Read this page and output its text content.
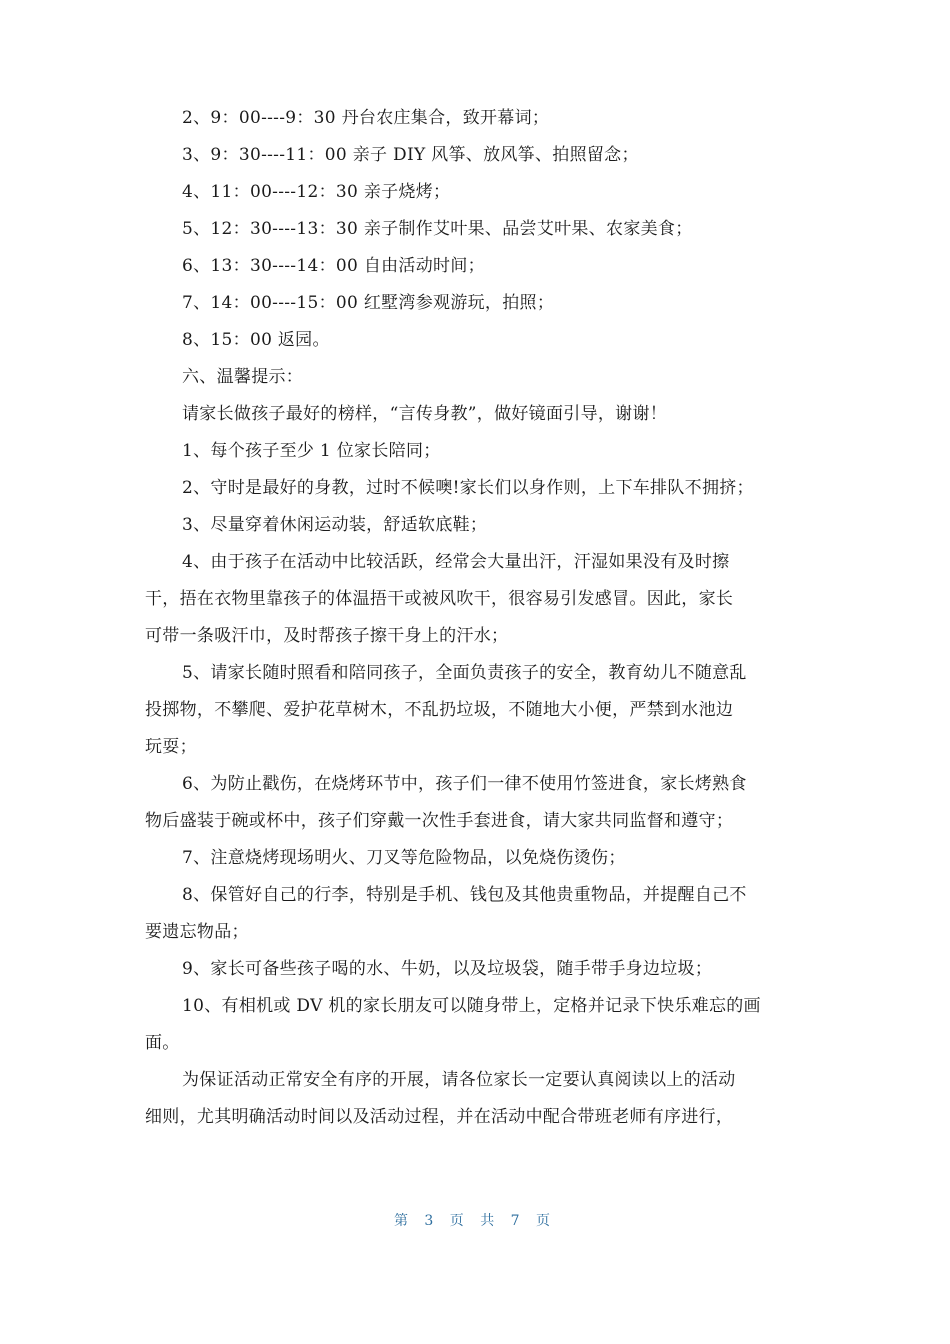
2、9：00----9：30 丹台农庄集合，致开幕词；
3、9：30----11：00 亲子 DIY 风筝、放风筝、拍照留念；
4、11：00----12：30 亲子烧烤；
5、12：30----13：30 亲子制作艾叶果、品尝艾叶果、农家美食；
6、13：30----14：00 自由活动时间；
7、14：00----15：00 红墅湾参观游玩，拍照；
8、15：00 返园。
六、温馨提示：
请家长做孩子最好的榜样，“言传身教”，做好镜面引导，谢谢！
1、每个孩子至少 1 位家长陪同；
2、守时是最好的身教，过时不候噢!家长们以身作则，上下车排队不拥挤；
3、尽量穿着休闲运动装，舒适软底鞋；
4、由于孩子在活动中比较活跃，经常会大量出汗，汗湿如果没有及时擦
干，捂在衣物里靠孩子的体温捂干或被风吹干，很容易引发感冒。因此，家长
可带一条吸汗巾，及时帮孩子擦干身上的汗水；
5、请家长随时照看和陪同孩子，全面负责孩子的安全，教育幼儿不随意乱
投掷物，不攀爬、爱护花草树木，不乱扔垃圾，不随地大小便，严禁到水池边
玩耍；
6、为防止戳伤，在烧烤环节中，孩子们一律不使用竹签进食，家长烤熟食
物后盛装于碗或杯中，孩子们穿戴一次性手套进食，请大家共同监督和遵守；
7、注意烧烤现场明火、刀叉等危险物品，以免烧伤烫伤；
8、保管好自己的行李，特别是手机、钱包及其他贵重物品，并提醒自己不
要遗忘物品；
9、家长可备些孩子喝的水、牛奶，以及垃圾袋，随手带手身边垃圾；
10、有相机或 DV 机的家长朋友可以随身带上，定格并记录下快乐难忘的画
面。
为保证活动正常安全有序的开展，请各位家长一定要认真阅读以上的活动
细则，尤其明确活动时间以及活动过程，并在活动中配合带班老师有序进行，
第 3 页 共 7 页
